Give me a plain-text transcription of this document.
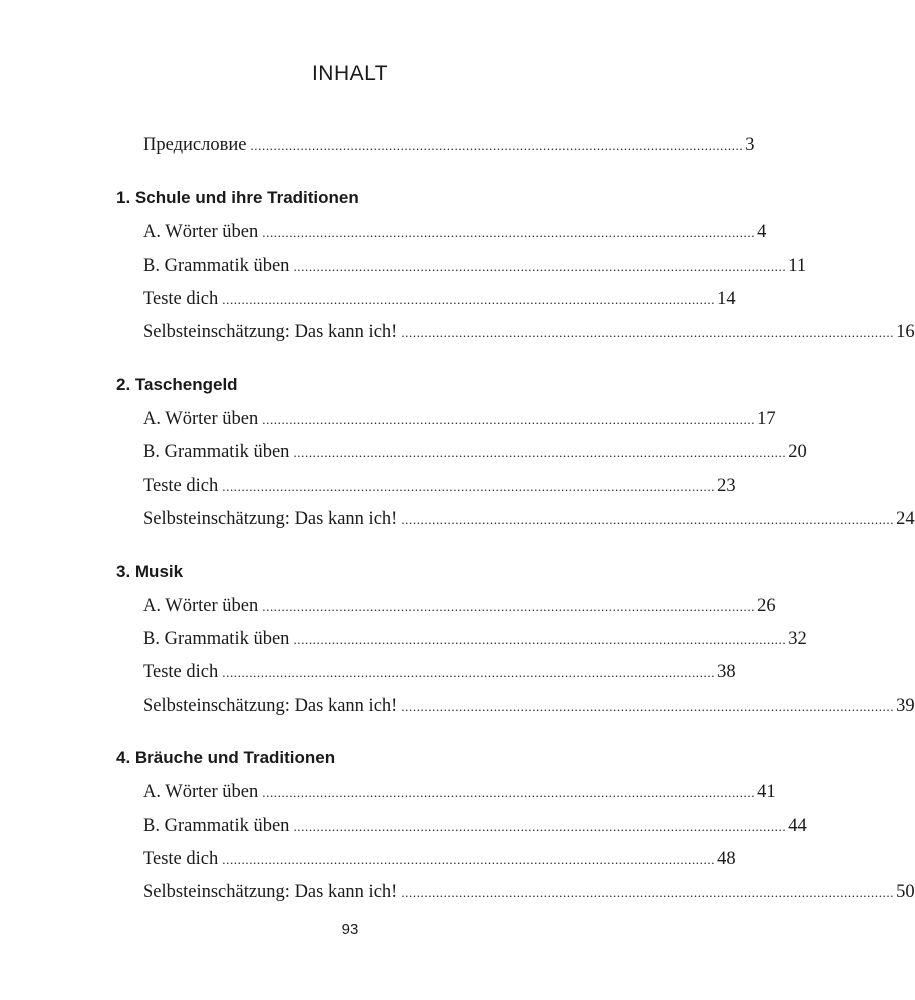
INHALT
Предисловие ................................................................................................................................ 3
1. Schule und ihre Traditionen
A. Wörter üben ................................................................................................................................ 4
B. Grammatik üben ................................................................................................................................ 11
Teste dich ................................................................................................................................ 14
Selbsteinschätzung: Das kann ich! ................................................................................................................................ 16
2. Taschengeld
A. Wörter üben ................................................................................................................................ 17
B. Grammatik üben ................................................................................................................................ 20
Teste dich ................................................................................................................................ 23
Selbsteinschätzung: Das kann ich! ................................................................................................................................ 24
3. Musik
A. Wörter üben ................................................................................................................................ 26
B. Grammatik üben ................................................................................................................................ 32
Teste dich ................................................................................................................................ 38
Selbsteinschätzung: Das kann ich! ................................................................................................................................ 39
4. Bräuche und Traditionen
A. Wörter üben ................................................................................................................................ 41
B. Grammatik üben ................................................................................................................................ 44
Teste dich ................................................................................................................................ 48
Selbsteinschätzung: Das kann ich! ................................................................................................................................ 50
93
